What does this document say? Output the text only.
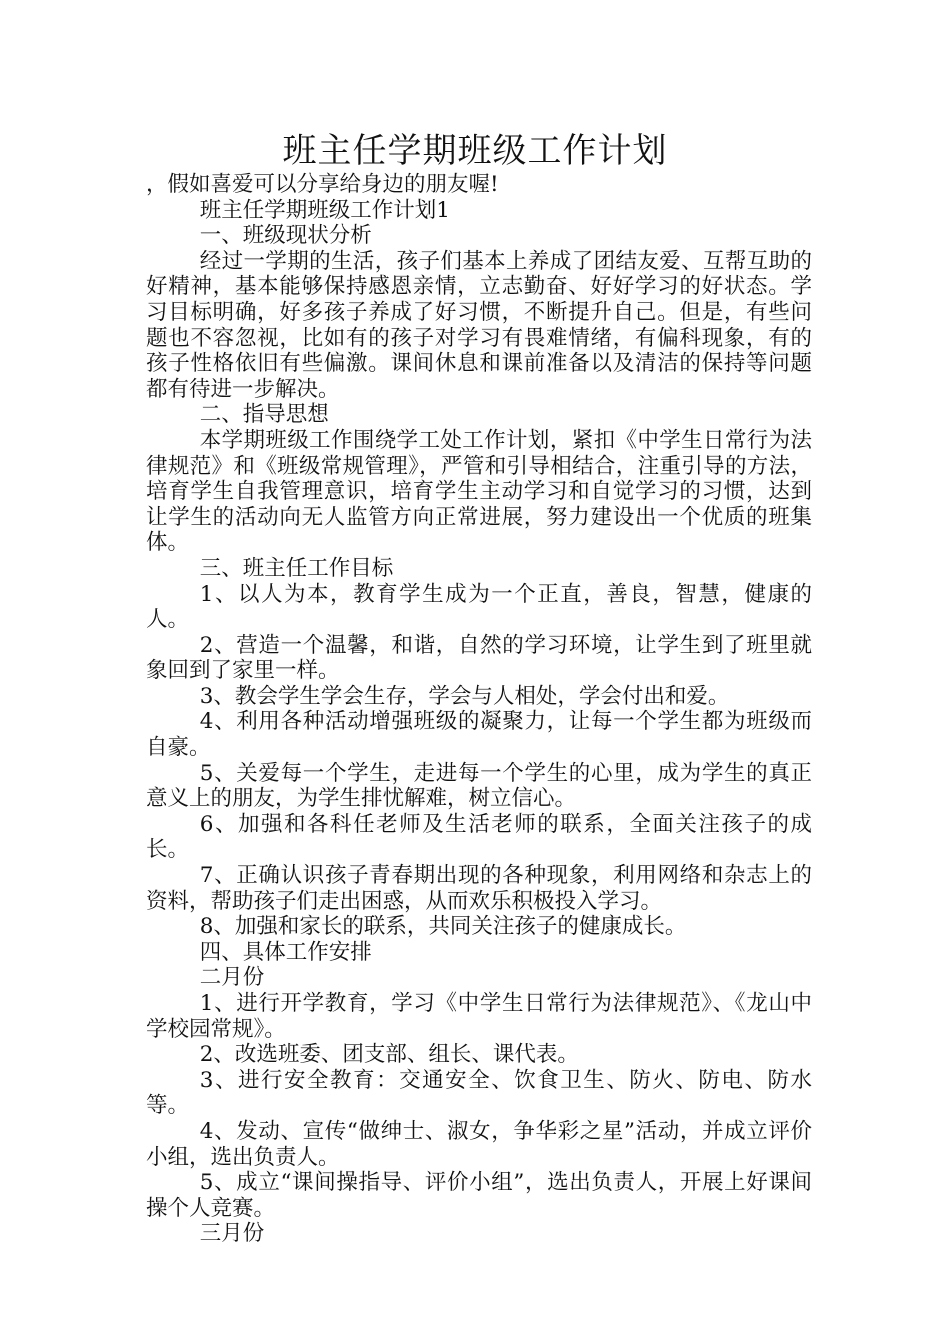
班主任学期班级工作计划

，假如喜爱可以分享给身边的朋友喔!

班主任学期班级工作计划1

一、班级现状分析

经过一学期的生活，孩子们基本上养成了团结友爱、互帮互助的好精神，基本能够保持感恩亲情，立志勤奋、好好学习的好状态。学习目标明确，好多孩子养成了好习惯，不断提升自己。但是，有些问题也不容忽视，比如有的孩子对学习有畏难情绪，有偏科现象，有的孩子性格依旧有些偏激。课间休息和课前准备以及清洁的保持等问题都有待进一步解决。

二、指导思想

本学期班级工作围绕学工处工作计划，紧扣《中学生日常行为法律规范》和《班级常规管理》，严管和引导相结合，注重引导的方法，培育学生自我管理意识，培育学生主动学习和自觉学习的习惯，达到让学生的活动向无人监管方向正常进展，努力建设出一个优质的班集体。

三、班主任工作目标

1、以人为本，教育学生成为一个正直，善良，智慧，健康的人。

2、营造一个温馨，和谐，自然的学习环境，让学生到了班里就象回到了家里一样。

3、教会学生学会生存，学会与人相处，学会付出和爱。

4、利用各种活动增强班级的凝聚力，让每一个学生都为班级而自豪。

5、关爱每一个学生，走进每一个学生的心里，成为学生的真正意义上的朋友，为学生排忧解难，树立信心。

6、加强和各科任老师及生活老师的联系，全面关注孩子的成长。

7、正确认识孩子青春期出现的各种现象，利用网络和杂志上的资料，帮助孩子们走出困惑，从而欢乐积极投入学习。

8、加强和家长的联系，共同关注孩子的健康成长。

四、具体工作安排

二月份

1、进行开学教育，学习《中学生日常行为法律规范》、《龙山中学校园常规》。

2、改选班委、团支部、组长、课代表。

3、进行安全教育：交通安全、饮食卫生、防火、防电、防水等。

4、发动、宣传“做绅士、淑女，争华彩之星”活动，并成立评价小组，选出负责人。

5、成立“课间操指导、评价小组”，选出负责人，开展上好课间操个人竞赛。

三月份
